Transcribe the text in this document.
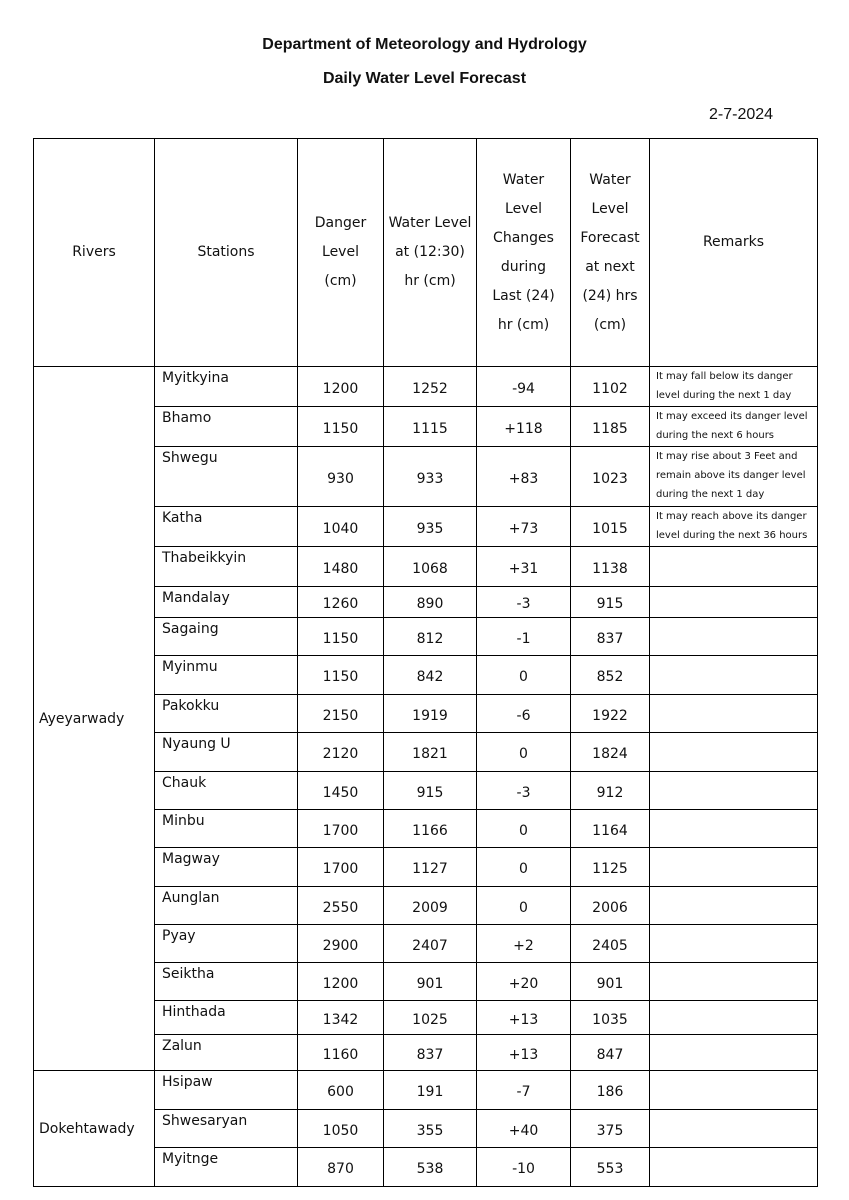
Department of Meteorology and Hydrology
Daily Water Level Forecast
2-7-2024
Rivers	Stations	Danger Level (cm)	Water Level at (12:30) hr (cm)	Water Level Changes during Last (24) hr (cm)	Water Level Forecast at next (24) hrs (cm)	Remarks
Ayeyarwady	Myitkyina	1200	1252	-94	1102	It may fall below its danger level during the next 1 day
	Bhamo	1150	1115	+118	1185	It may exceed its danger level during the next 6 hours
	Shwegu	930	933	+83	1023	It may rise about 3 Feet and remain above its danger level during the next 1 day
	Katha	1040	935	+73	1015	It may reach above its danger level during the next 36 hours
	Thabeikkyin	1480	1068	+31	1138	
	Mandalay	1260	890	-3	915	
	Sagaing	1150	812	-1	837	
	Myinmu	1150	842	0	852	
	Pakokku	2150	1919	-6	1922	
	Nyaung U	2120	1821	0	1824	
	Chauk	1450	915	-3	912	
	Minbu	1700	1166	0	1164	
	Magway	1700	1127	0	1125	
	Aunglan	2550	2009	0	2006	
	Pyay	2900	2407	+2	2405	
	Seiktha	1200	901	+20	901	
	Hinthada	1342	1025	+13	1035	
	Zalun	1160	837	+13	847	
Dokehtawady	Hsipaw	600	191	-7	186	
	Shwesaryan	1050	355	+40	375	
	Myitnge	870	538	-10	553	
